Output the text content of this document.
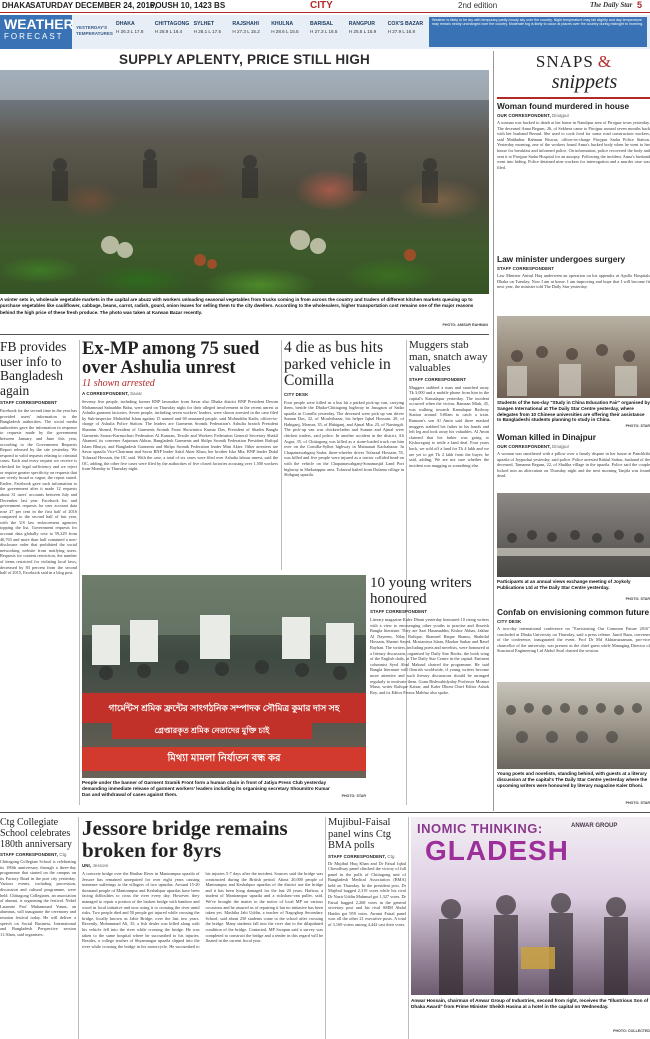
DHAKA SATURDAY DECEMBER 24, 2016,
POUSH 10, 1423 BS	CITY	2nd edition	The Daily Star 5
WEATHER
FORECAST
YESTERDAY'S
TEMPERATURES
DHAKA
H 26.3 L 17.8
CHITTAGONG
H 28.9 L 16.4
SYLHET
H 26.1 L 17.5
RAJSHAHI
H 27.3 L 15.2
KHULNA
H 28.6 L 15.5
BARISAL
H 27.3 L 16.5
RANGPUR
H 25.5 L 15.9
COX'S BAZAR
H 27.9 L 16.8
Weather is likely to be dry with temporary partly cloudy sky over the country. Night temperature may fall slightly and day temperature may remain nearly unchanged over the country. Moderate fog is likely to occur at places over the country during midnight to morning.
SUPPLY APLENTY, PRICE STILL HIGH
A winter sets in, wholesale vegetable markets in the capital are abuzz with workers unloading seasonal vegetables from trucks coming in from across the country and traders of different kitchen markets queuing up to purchase vegetables like cauliflower, cabbage, beans, carrot, radish, gourd, onion leaves for selling them to the city dwellers. According to the wholesalers, higher transportation cost remains one of the major reasons behind the high price of these fresh produce. The photo was taken at Karwan Bazar recently.
PHOTO: ANISUR RAHMAN
FB provides user info to Bangladesh again
STAFF CORRESPONDENT
Facebook for the second time in the year has provided users' information to the Bangladesh authorities. The social media authorities gave the information in response to requests made by the government between January and June this year, according to the Government Requests Report released by the site yesterday. We respond to valid requests relating to criminal cases. Each and every request we receive is checked for legal sufficiency and we reject or require greater specificity on requests that are overly broad or vague, the report stated. Earlier, Facebook gave such information to the government after it made 12 requests about 31 users' accounts between July and December last year. Facebook Inc and government requests for user account data rose 27 per cent in the first half of 2016 compared to the second half of last year, with the US law enforcement agencies topping the list. Government requests for account data globally rose to 59,229 from 46,763 and more than half contained a non-disclosure order that prohibited the social networking website from notifying users. Requests for content restriction, the number of items restricted for violating local laws, decreased by 83 percent from the second half of 2015, Facebook said in a blog post.
Ex-MP among 75 sued over Ashulia unrest
11 shown arrested
A CORRESPONDENT, Savar
Seventy five people, including former BNP lawmaker from Savar also Dhaka district BNP President Dewan Mohammad Salauddin Babu, were sued on Thursday night for their alleged involvement in the recent unrest at Ashulia garment factories. Seven people, including seven workers' leaders, were shown arrested in the case filed by Sub-inspector Mohiddul Islam against 15 named and 60 unnamed people, said Mohiuddin Kadir, officer-in-charge of Ashulia Police Station. The leaders are Garments Sromik Federation's Ashulia branch President Shamim Ahmed, President of Garments Sromik Front Showmitro Kumar Das, President of Shadin Bangla Garments Sromo-Karmochari Federation Al Kamran, Textile and Workers Federation General Secretary Shakil Ahamed, its convener Anjuman Akhtar, Bangladesh Garments and Shilpo Sromik Federation President Rafiqul Islam Bhuiya, and Bangladesh Garments and Shilpo Sromik Federation leader Mini Akter. Other arrestees are Savar upazila Vice-Chairman and Savar BNP leader Sakil Akter Khan, her brother Iska Mia, BNP leader Dulal Tofazzal Hossain, the OC said. With the case, a total of six cases were filed over Ashulia labour unrest, said the OC, adding, the other five cases were filed by the authorities of five closed factories accusing over 1,500 workers from Monday to Thursday night.
4 die as bus hits parked vehicle in Comilla
CITY DESK
Four people were killed as a bus hit a parked pick-up van, carrying them, beside the Dhaka-Chittagong highway in Jasugaon of Sadar upazila in Comilla yesterday. The deceased were pick up van driver Suman Das, 32, of Moulvibazar, his helper Iqbal Hossain, 20, of Habiganj, Monsur, 35, of Habiganj, and Ajmal Mia, 23, of Narsingdi. The pick-up van was chicken-laden and Sumun and Ajmal were chicken traders, said police. In another accident in the district, Ali Asgar, 35, of Chittagong was killed as a stone-loaded truck ran him over on the Comilla-Sylhet highway in Matnaauti Kachabazar. In Chapainawabganj Sadar, three-wheeler driver Tofazzal Hossain, 55, was killed and five people were injured as a tractor collided head-on with the vehicle on the Chapainawabganj-Sonamasjid Land Port highway in Shekatappur area. Tofazzal hailed from Dulama village in Shibganj upazila.
Muggers stab man, snatch away valuables
STAFF CORRESPONDENT
Muggers stabbed a man and snatched away Tk 3,000 and a mobile phone from him in the capital's Kamalapur yesterday. The incident occurred when the victim, Ramzan Miah, 45, was walking towards Kamalapur Railway Station around 5:00am to catch a train. Ramzan's son Al Amin said three masked muggers stabbed his father in his hands and left leg and took away his valuables. Al Amin claimed that his father was going to Kishoreganj to settle a land deal. Four years back, we sold off a land for Tk 4 lakh and we are yet to get Tk 2 lakh from the buyer, he said, adding, We are not sure whether the incident was mugging or something else.
গার্মেন্টস শ্রমিক ফ্রন্টের সাংগঠনিক সম্পাদক সৌমিত্র কুমার দাস সহ
গ্রেপ্তারকৃত শ্রমিক নেতাদের মুক্তি চাই
মিথ্যা মামলা নির্যাতন বন্ধ কর
People under the banner of Garment Sramik Front form a human chain in front of Jatiya Press Club yesterday demanding immediate release of garment workers' leaders including its organising secretary Shoumitro Kumar Das and withdrawal of cases against them.	PHOTO: STAR
10 young writers honoured
STAFF CORRESPONDENT
Literary magazine Kaler Dhoni yesterday honoured 10 rising writers with a view to encouraging other youths to practise and flourish Bangla literature. They are Sazi Hasanuddin, Kishor Abhas, Jakhar Al Nayeem, Nilay Rafique, Shameel Haque Shamu, Shahidul Hossain, Sharmi Sayed, Mostanirya Islam, Mazhar Sarkar and Rasel Rayhan. The writers, including poets and novelists, were honoured at a literary discussion, organised by Daily Star Books, the book wing of the English daily, at The Daily Star Centre in the capital. Eminent columnist Syed Abul Maksud chaired the programme. He said Bangla literature will flourish worldwide, if young writers become more attentive and such literary discussions should be arranged regularly to motivate them. Gonu Bishwabidyalay Professor Monsur Musa, writer Rafique Kaisar, and Kaler Dhoni Chief Editor Ashok Roy, and its Editor Ferruz Mahfuz also spoke.
SNAPS &
snippets
Woman found murdered in house
OUR CORRESPONDENT, Dinajpur
A woman was hacked to death at her home in Nandipur area of Pirojpur town yesterday. The deceased Anna Begum, 26, of Sekhera came to Pirojpur around seven months back with her husband Rezaul. She used to cook food for some road construction workers, said Mahbubur Rahman Biswas, officer-in-charge Pirojpur Sadar Police Station. Yesterday morning, one of the workers found Anna's hacked body when he went to her house for breakfast and informed police. On information, police recovered the body and sent it to Pirojpur Sadar Hospital for an autopsy. Following the incident, Anna's husband went into hiding. Police detained nine workers for interrogation and a murder case was filed.
Law minister undergoes surgery
STAFF CORRESPONDENT
Law Minister Anisul Huq underwent an operation on his appendix at Apollo Hospitals Dhaka on Tuesday. Now I am at home. I am improving and hope that I will become fit next year, the minister told The Daily Star yesterday.
Students of the two-day "Study in China Education Fair" organised by Sangen International at The Daily Star Centre yesterday, where delegates from 10 Chinese universities are offering their assistance to Bangladeshi students planning to study in China.
PHOTO: STAR
Woman killed in Dinajpur
OUR CORRESPONDENT, Dinajpur
A woman was smothered with a pillow over a family dispute in her house at Panchbibi upazila of Joypurhat yesterday, said police. Police arrested Rabiul Sarkar, husband of the deceased, Tamanna Begum, 22, of Shaliha village in the upazila. Police said the couple locked into an altercation on Thursday night and the next morning Tanjila was found dead.
Participants at an annual views exchange meeting of Joykoly Publications Ltd at The Daily Star Centre yesterday.
PHOTO: STAR
Confab on envisioning common future
CITY DESK
A two-day international conference on "Envisioning Our Common Future 2016" concluded at Dhaka University on Thursday, said a press release. Jamil Raza, convener of the conference, inaugurated the event. Prof Dr Md Akhtaruzzaman, pro-vice chancellor of the university, was present as the chief guest while Managing Director of Structural Engineering Ltd Abdul Awal chaired the session.
Young poets and novelists, standing behind, with guests at a literary discussion at the capital's The Daily Star Centre yesterday where the upcoming writers were honoured by literary magazine Kaler Dhoni.
PHOTO: STAR
Ctg Collegiate School celebrates 180th anniversary
STAFF CORRESPONDENT, Ctg
Chittagong Collegiate School is celebrating its 180th anniversary through a three-day programme that started on the campus on its Factory Road in the port city yesterday. Various events, including procession, discussion and cultural programme, were held. Chittagong Collegiates, an association of alumni, is organising the festival. Nobel Laureate Prof Muhammad Yunus, an alumnus, will inaugurate the ceremony and reunion festival today. He will deliver a speech on Social Business, International and Bangladesh Perspective session 11:30am, said organisers.
Jessore bridge remains broken for 8yrs
UNI, Jessore
A concrete bridge over the Harihar River in Manirampur upazila of Jessore has remained unrepaired for over eight years causing immense sufferings to the villagers of two upazilas. Around 15-20 thousand people of Manirampur and Keshabpur upazilas have been facing difficulties to cross the river every day. However, they managed to repair a portion of the broken bridge with bamboo and wood in local initiative and now using it to crossing the river amid risks. Two people died and 50 people got injured while crossing the bridge, locally known as Jabir Bridge, over the last two years. Recently, Mohammad Ali, 35, a fish dealer was killed along with his vehicle fell into the river while crossing the bridge. He was taken to the same hospital where he succumbed to his injuries. Besides, a college teacher of Shyamnagar upazila slipped into the river while crossing the bridge in his motorcycle. He succumbed to his injuries 5-7 days after the incident. Sources said the bridge was constructed during the British period. About 20,000 people of Manirampur and Keshabpur upazilas of the district use the bridge and it has been lying damaged for the last 20 years. Hafizur, a student of Manirampur upazila and a rickshaw-van puller, said, We've brought the matter to the notice of local MP on various occasions and he assured us of repairing it but no initiative has been taken yet. Mashiha Jabi Uddin, a teacher of Nagoghop Secondary School, said about 250 students come to the school after crossing the bridge. Many students fall into the river due to the dilapidated condition of the bridge. Contacted, MP Swapan said a survey was completed to construct the bridge and a tender in this regard will be floated in the current fiscal year.
Mujibul-Faisal panel wins Ctg BMA polls
STAFF CORRESPONDENT, Ctg
Dr Mujibul Huq Khan and Dr Faisal Iqbal Chowdhury panel clinched the victory of full panel in the polls of Chittagong unit of Bangladesh Medical Association (BMA) held on Thursday. In the president post, Dr Mujibul bagged 2,319 votes while his rival Dr Nazir Uddin Mahmud got 1,327 votes. Dr Faisal bagged 2,268 votes in the general secretary post and his rival SMM Abdul Haidin got 959 votes. Awami Faisal panel won all the other 21 executive posts. A total of 3,169 voters among 4,442 cast their votes.
INOMIC THINKING:
GLADESH
ANWAR GROUP
Anwar Hossain, chairman of Anwar Group of Industries, second from right, receives the "Illustrious Son of Dhaka Award" from Prime Minister Sheikh Hasina at a hotel in the capital on Wednesday.
PHOTO: COLLECTED
